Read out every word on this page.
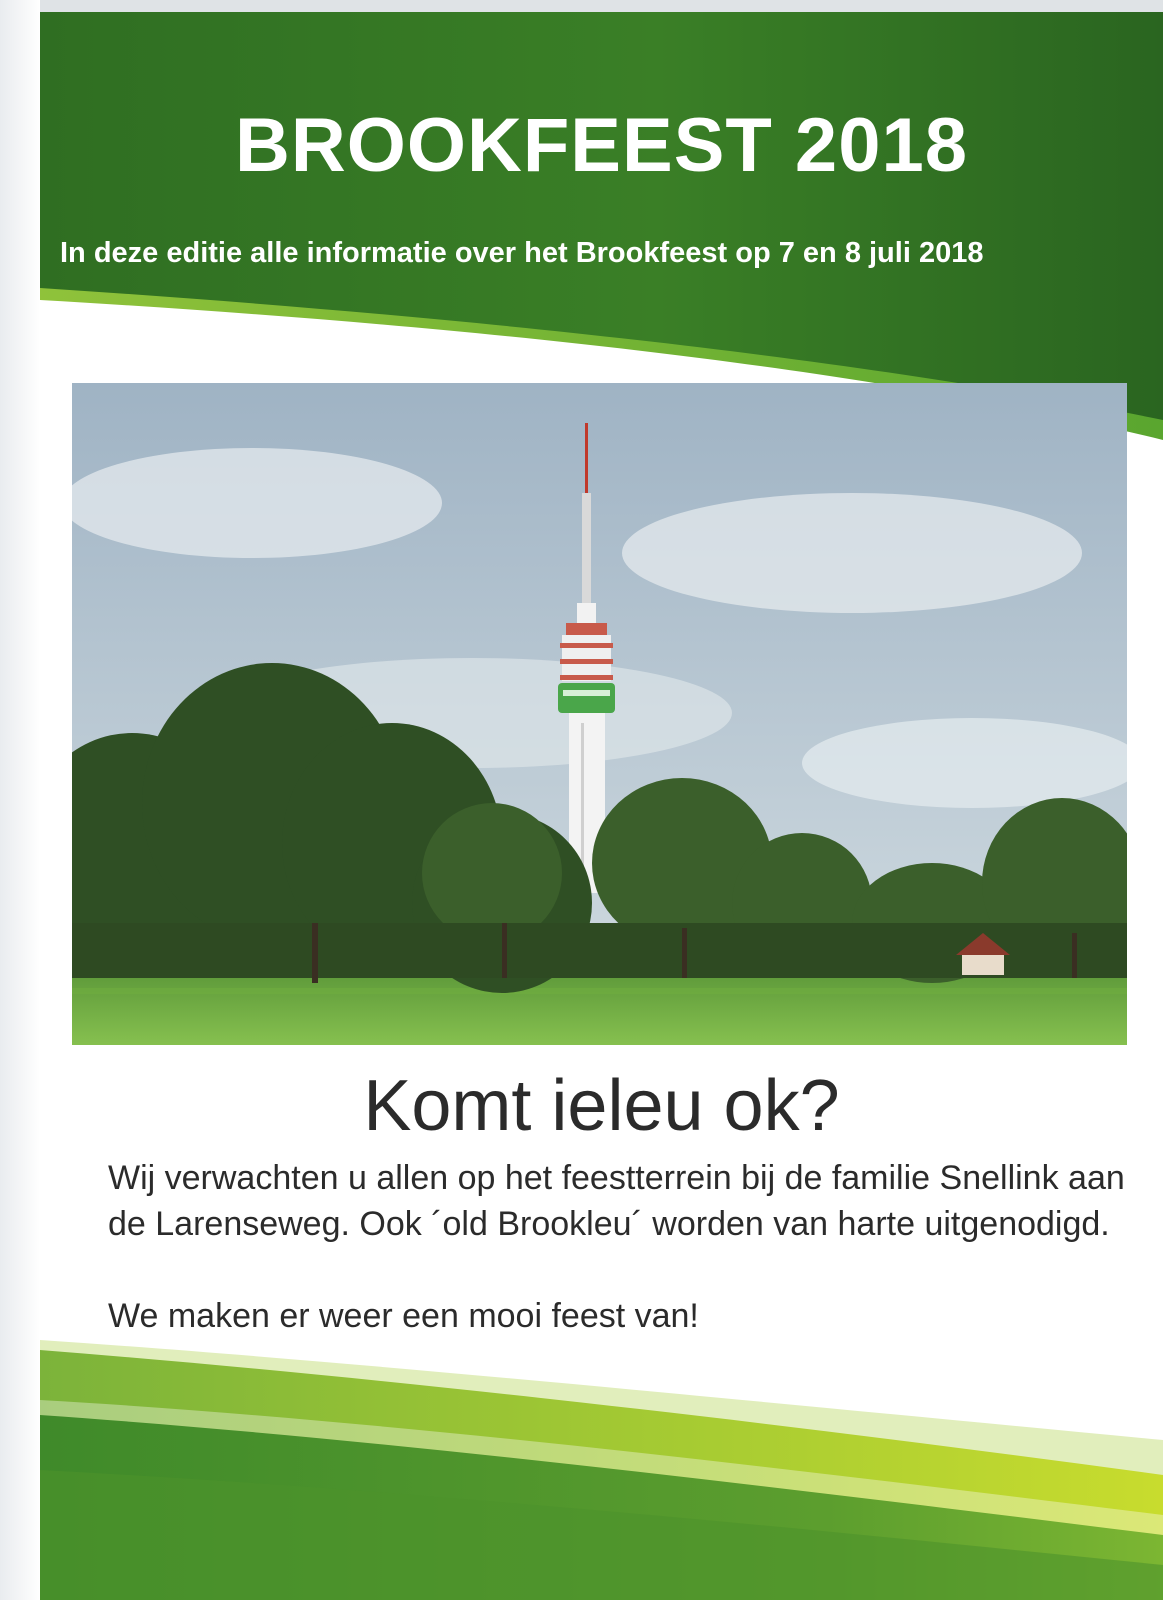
BROOKFEEST 2018
In deze editie alle informatie over het Brookfeest op 7 en 8 juli 2018
Komt ieleu ok?

Wij verwachten u allen op het feestterrein bij de familie Snellink aan de Larenseweg. Ook ´old Brookleu´ worden van harte uitgenodigd.

We maken er weer een mooi feest van!
